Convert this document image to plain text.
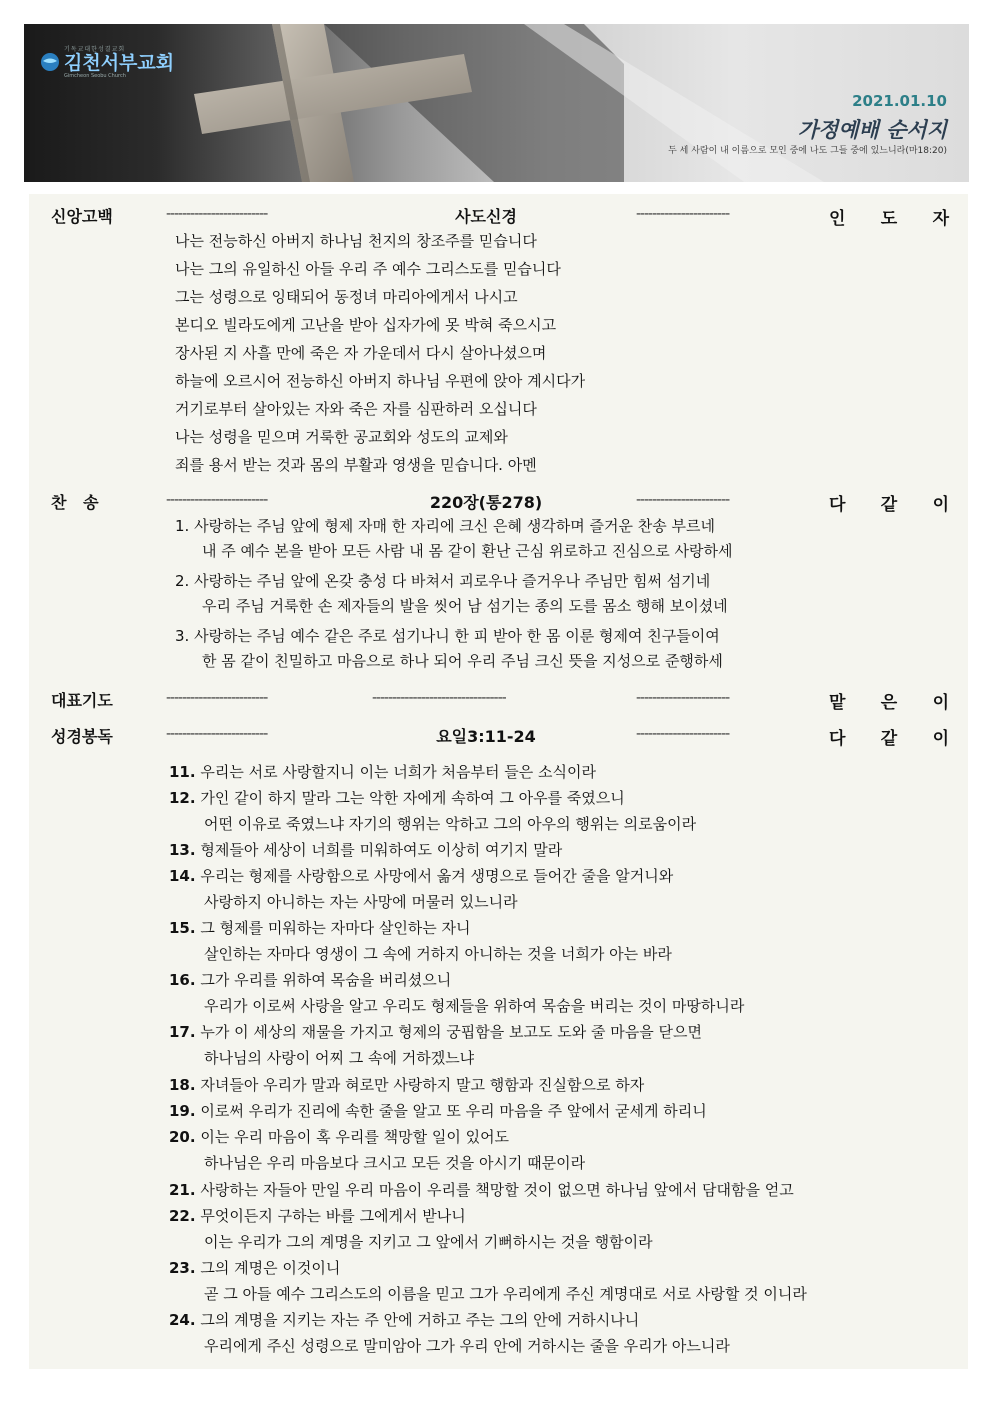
기독교대한성결교회
김천서부교회
Gimcheon Seobu Church
2021.01.10
가정예배 순서지
두 세 사람이 내 이름으로 모인 중에 나도 그들 중에 있느니라(마18:20)
신앙고백	-------------------------	사도신경	-----------------------	인 도 자
나는 전능하신 아버지 하나님 천지의 창조주를 믿습니다
나는 그의 유일하신 아들 우리 주 예수 그리스도를 믿습니다
그는 성령으로 잉태되어 동정녀 마리아에게서 나시고
본디오 빌라도에게 고난을 받아 십자가에 못 박혀 죽으시고
장사된 지 사흘 만에 죽은 자 가운데서 다시 살아나셨으며
하늘에 오르시어 전능하신 아버지 하나님 우편에 앉아 계시다가
거기로부터 살아있는 자와 죽은 자를 심판하러 오십니다
나는 성령을 믿으며 거룩한 공교회와 성도의 교제와
죄를 용서 받는 것과 몸의 부활과 영생을 믿습니다. 아멘
찬   송	-------------------------	220장(통278)	-----------------------	다 같 이
1. 사랑하는 주님 앞에 형제 자매 한 자리에 크신 은혜 생각하며 즐거운 찬송 부르네
내 주 예수 본을 받아 모든 사람 내 몸 같이 환난 근심 위로하고 진심으로 사랑하세
2. 사랑하는 주님 앞에 온갖 충성 다 바쳐서 괴로우나 즐거우나 주님만 힘써 섬기네
우리 주님 거룩한 손 제자들의 발을 씻어 남 섬기는 종의 도를 몸소 행해 보이셨네
3. 사랑하는 주님 예수 같은 주로 섬기나니 한 피 받아 한 몸 이룬 형제여 친구들이여
한 몸 같이 친밀하고 마음으로 하나 되어 우리 주님 크신 뜻을 지성으로 준행하세
대표기도	-------------------------	---------------------------------	-----------------------	맡 은 이
성경봉독	-------------------------	요일3:11-24	-----------------------	다 같 이
11. 우리는 서로 사랑할지니 이는 너희가 처음부터 들은 소식이라
12. 가인 같이 하지 말라 그는 악한 자에게 속하여 그 아우를 죽였으니
어떤 이유로 죽였느냐 자기의 행위는 악하고 그의 아우의 행위는 의로움이라
13. 형제들아 세상이 너희를 미워하여도 이상히 여기지 말라
14. 우리는 형제를 사랑함으로 사망에서 옮겨 생명으로 들어간 줄을 알거니와
사랑하지 아니하는 자는 사망에 머물러 있느니라
15. 그 형제를 미워하는 자마다 살인하는 자니
살인하는 자마다 영생이 그 속에 거하지 아니하는 것을 너희가 아는 바라
16. 그가 우리를 위하여 목숨을 버리셨으니
우리가 이로써 사랑을 알고 우리도 형제들을 위하여 목숨을 버리는 것이 마땅하니라
17. 누가 이 세상의 재물을 가지고 형제의 궁핍함을 보고도 도와 줄 마음을 닫으면
하나님의 사랑이 어찌 그 속에 거하겠느냐
18. 자녀들아 우리가 말과 혀로만 사랑하지 말고 행함과 진실함으로 하자
19. 이로써 우리가 진리에 속한 줄을 알고 또 우리 마음을 주 앞에서 굳세게 하리니
20. 이는 우리 마음이 혹 우리를 책망할 일이 있어도
하나님은 우리 마음보다 크시고 모든 것을 아시기 때문이라
21. 사랑하는 자들아 만일 우리 마음이 우리를 책망할 것이 없으면 하나님 앞에서 담대함을 얻고
22. 무엇이든지 구하는 바를 그에게서 받나니
이는 우리가 그의 계명을 지키고 그 앞에서 기뻐하시는 것을 행함이라
23. 그의 계명은 이것이니
곧 그 아들 예수 그리스도의 이름을 믿고 그가 우리에게 주신 계명대로 서로 사랑할 것 이니라
24. 그의 계명을 지키는 자는 주 안에 거하고 주는 그의 안에 거하시나니
우리에게 주신 성령으로 말미암아 그가 우리 안에 거하시는 줄을 우리가 아느니라
